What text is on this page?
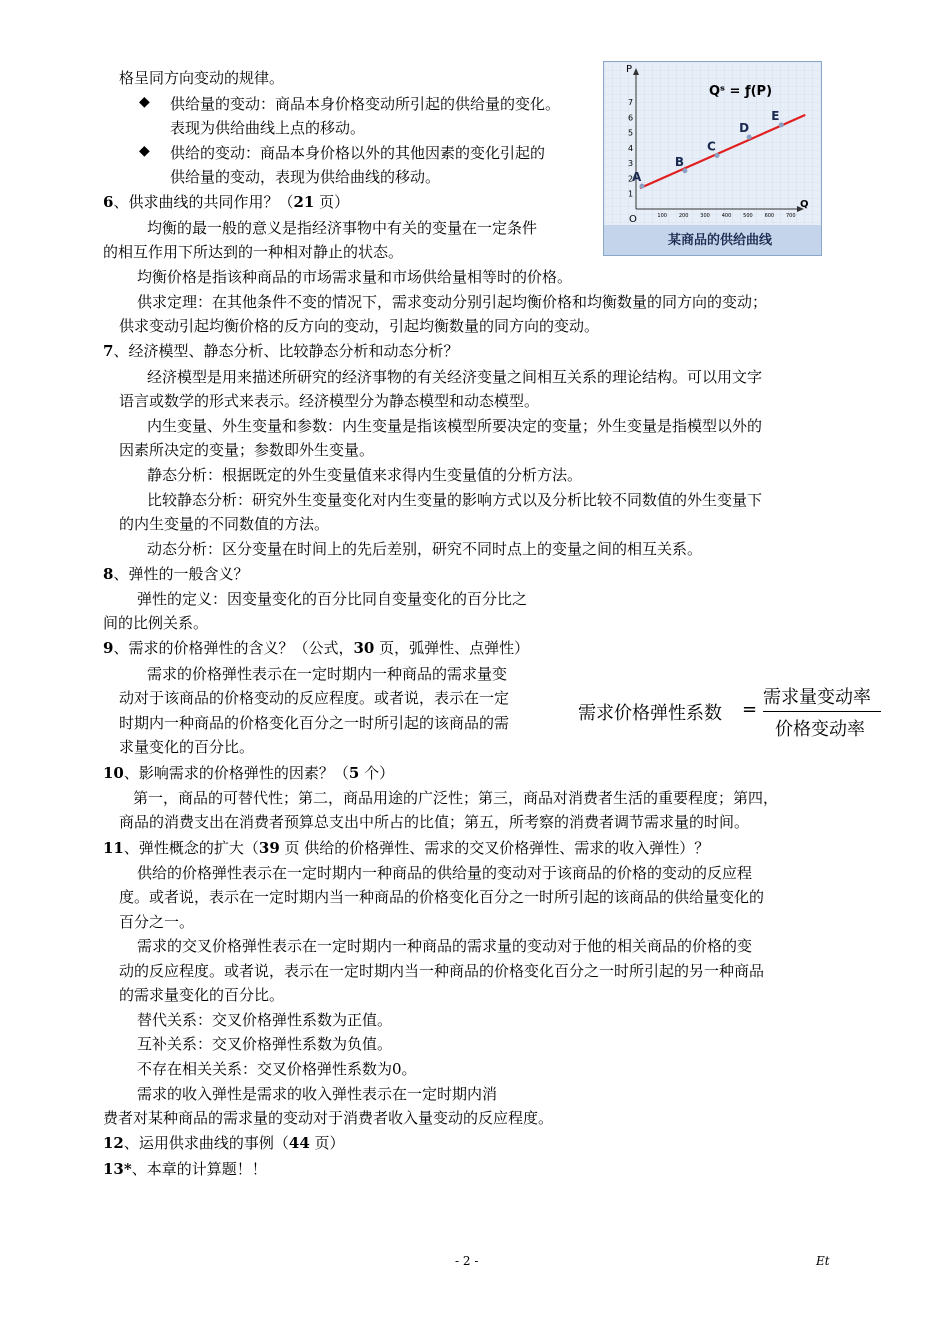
格呈同方向变动的规律。
供给量的变动：商品本身价格变动所引起的供给量的变化。
表现为供给曲线上点的移动。
供给的变动：商品本身价格以外的其他因素的变化引起的
供给量的变动，表现为供给曲线的移动。
均衡的最一般的意义是指经济事物中有关的变量在一定条件
的相互作用下所达到的一种相对静止的状态。
均衡价格是指该种商品的市场需求量和市场供给量相等时的价格。
供求定理：在其他条件不变的情况下，需求变动分别引起均衡价格和均衡数量的同方向的变动；
供求变动引起均衡价格的反方向的变动，引起均衡数量的同方向的变动。
经济模型是用来描述所研究的经济事物的有关经济变量之间相互关系的理论结构。可以用文字
语言或数学的形式来表示。经济模型分为静态模型和动态模型。
内生变量、外生变量和参数：内生变量是指该模型所要决定的变量；外生变量是指模型以外的
因素所决定的变量；参数即外生变量。
静态分析：根据既定的外生变量值来求得内生变量值的分析方法。
比较静态分析：研究外生变量变化对内生变量的影响方式以及分析比较不同数值的外生变量下
的内生变量的不同数值的方法。
动态分析：区分变量在时间上的先后差别，研究不同时点上的变量之间的相互关系。
弹性的定义：因变量变化的百分比同自变量变化的百分比之
间的比例关系。
需求的价格弹性表示在一定时期内一种商品的需求量变
动对于该商品的价格变动的反应程度。或者说，表示在一定
时期内一种商品的价格变化百分之一时所引起的该商品的需
求量变化的百分比。
第一，商品的可替代性；第二，商品用途的广泛性；第三，商品对消费者生活的重要程度；第四，
商品的消费支出在消费者预算总支出中所占的比值；第五，所考察的消费者调节需求量的时间。
供给的价格弹性表示在一定时期内一种商品的供给量的变动对于该商品的价格的变动的反应程
度。或者说，表示在一定时期内当一种商品的价格变化百分之一时所引起的该商品的供给量变化的
百分之一。
需求的交叉价格弹性表示在一定时期内一种商品的需求量的变动对于他的相关商品的价格的变
动的反应程度。或者说，表示在一定时期内当一种商品的价格变化百分之一时所引起的另一种商品
的需求量变化的百分比。
替代关系：交叉价格弹性系数为正值。
互补关系：交叉价格弹性系数为负值。
不存在相关关系：交叉价格弹性系数为0。
需求的收入弹性是需求的收入弹性表示在一定时期内消
费者对某种商品的需求量的变动对于消费者收入量变动的反应程度。
◆
◆
6、供求曲线的共同作用？（21 页）
7、经济模型、静态分析、比较静态分析和动态分析？
8、弹性的一般含义？
9、需求的价格弹性的含义？（公式，30 页，弧弹性、点弹性）
10、影响需求的价格弹性的因素？（5 个）
11、弹性概念的扩大（39 页 供给的价格弹性、需求的交叉价格弹性、需求的收入弹性）？
12、运用供求曲线的事例（44 页）
13*、本章的计算题！！
P
Q
O
Qˢ = ƒ(P)
1
2
3
4
5
6
7
100 200 300 400 500 600 700
A
B
C
D
E
某商品的供给曲线
需求价格弹性系数 =
需求量变动率
价格变动率
- 2 -	Et
